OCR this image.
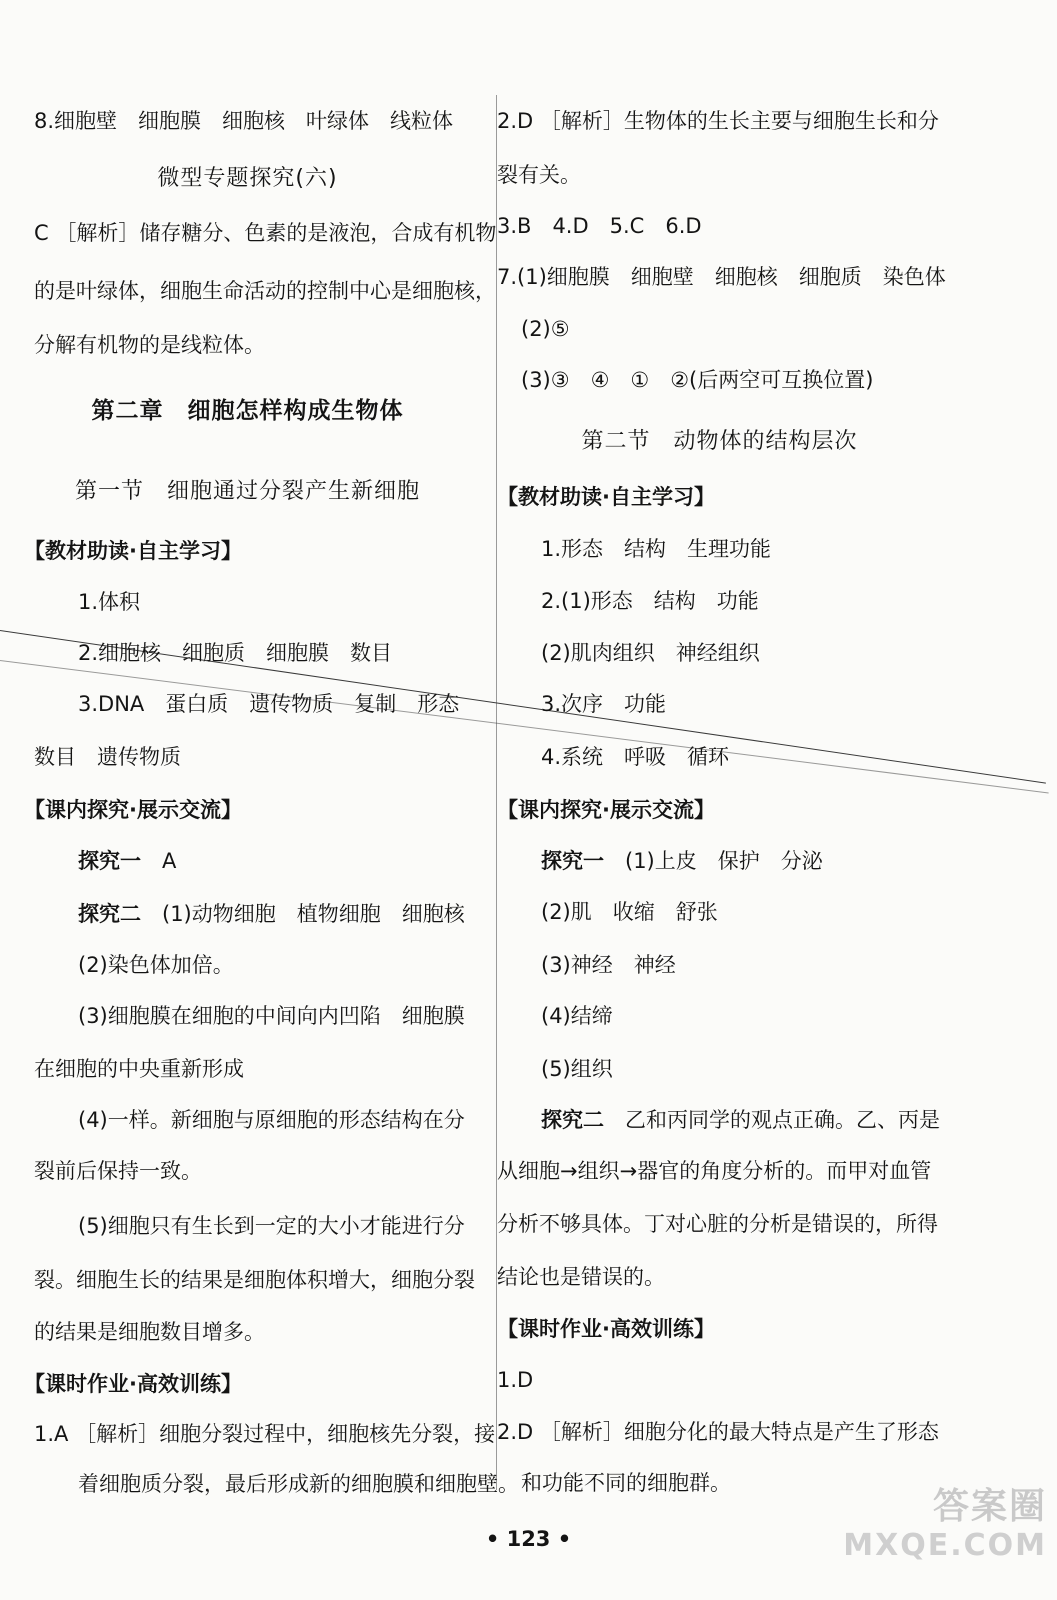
8.细胞壁　细胞膜　细胞核　叶绿体　线粒体
微型专题探究(六)
C ［解析］储存糖分、色素的是液泡，合成有机物
的是叶绿体，细胞生命活动的控制中心是细胞核，
分解有机物的是线粒体。
第二章　细胞怎样构成生物体
第一节　细胞通过分裂产生新细胞
【教材助读·自主学习】
1.体积
2.细胞核　细胞质　细胞膜　数目
3.DNA　蛋白质　遗传物质　复制　形态
数目　遗传物质
【课内探究·展示交流】
探究一　 A
探究二　 (1)动物细胞　植物细胞　细胞核
(2)染色体加倍。
(3)细胞膜在细胞的中间向内凹陷　细胞膜
在细胞的中央重新形成
(4)一样。新细胞与原细胞的形态结构在分
裂前后保持一致。
(5)细胞只有生长到一定的大小才能进行分
裂。细胞生长的结果是细胞体积增大，细胞分裂
的结果是细胞数目增多。
【课时作业·高效训练】
1.A ［解析］细胞分裂过程中，细胞核先分裂，接
着细胞质分裂，最后形成新的细胞膜和细胞壁。
2.D ［解析］生物体的生长主要与细胞生长和分
裂有关。
3.B　4.D　5.C　6.D
7.(1)细胞膜　细胞壁　细胞核　细胞质　染色体
(2)⑤
(3)③　④　①　②(后两空可互换位置)
第二节　动物体的结构层次
【教材助读·自主学习】
1.形态　结构　生理功能
2.(1)形态　结构　功能
(2)肌肉组织　神经组织
3.次序　功能
4.系统　呼吸　循环
【课内探究·展示交流】
探究一　 (1)上皮　保护　分泌
(2)肌　收缩　舒张
(3)神经　神经
(4)结缔
(5)组织
探究二　 乙和丙同学的观点正确。乙、丙是
从细胞→组织→器官的角度分析的。而甲对血管
分析不够具体。丁对心脏的分析是错误的，所得
结论也是错误的。
【课时作业·高效训练】
1.D
2.D ［解析］细胞分化的最大特点是产生了形态
和功能不同的细胞群。
• 123 •
答案圈
MXQE.COM
